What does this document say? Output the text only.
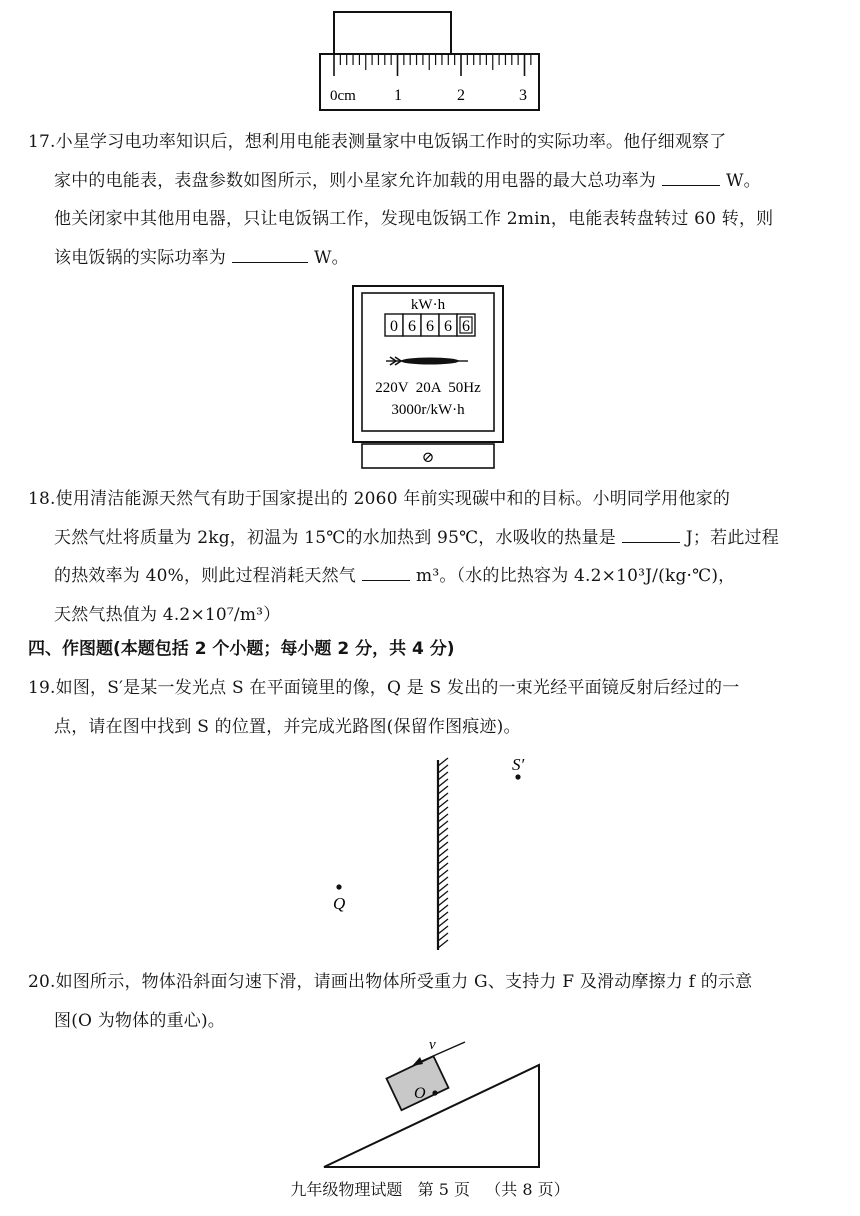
0cm 1	2	3
17.小星学习电功率知识后，想利用电能表测量家中电饭锅工作时的实际功率。他仔细观察了
家中的电能表，表盘参数如图所示，则小星家允许加载的用电器的最大总功率为	W。
他关闭家中其他用电器，只让电饭锅工作，发现电饭锅工作 2min，电能表转盘转过 60 转，则
该电饭锅的实际功率为	W。
kW·h
0 6 6 6 6
220V  20A  50Hz
3000r/kW·h
⊘
18.使用清洁能源天然气有助于国家提出的 2060 年前实现碳中和的目标。小明同学用他家的
天然气灶将质量为 2kg，初温为 15℃的水加热到 95℃，水吸收的热量是	J；若此过程
的热效率为 40%，则此过程消耗天然气	m³。（水的比热容为 4.2×10³J/(kg·℃)，
天然气热值为 4.2×10⁷/m³）
四、作图题(本题包括 2 个小题；每小题 2 分，共 4 分)
19.如图，S′是某一发光点 S 在平面镜里的像，Q 是 S 发出的一束光经平面镜反射后经过的一
点，请在图中找到 S 的位置，并完成光路图(保留作图痕迹)。
S′
Q
20.如图所示，物体沿斜面匀速下滑，请画出物体所受重力 G、支持力 F 及滑动摩擦力 f 的示意
图(O 为物体的重心)。
O
v
九年级物理试题   第 5 页   （共 8 页）
